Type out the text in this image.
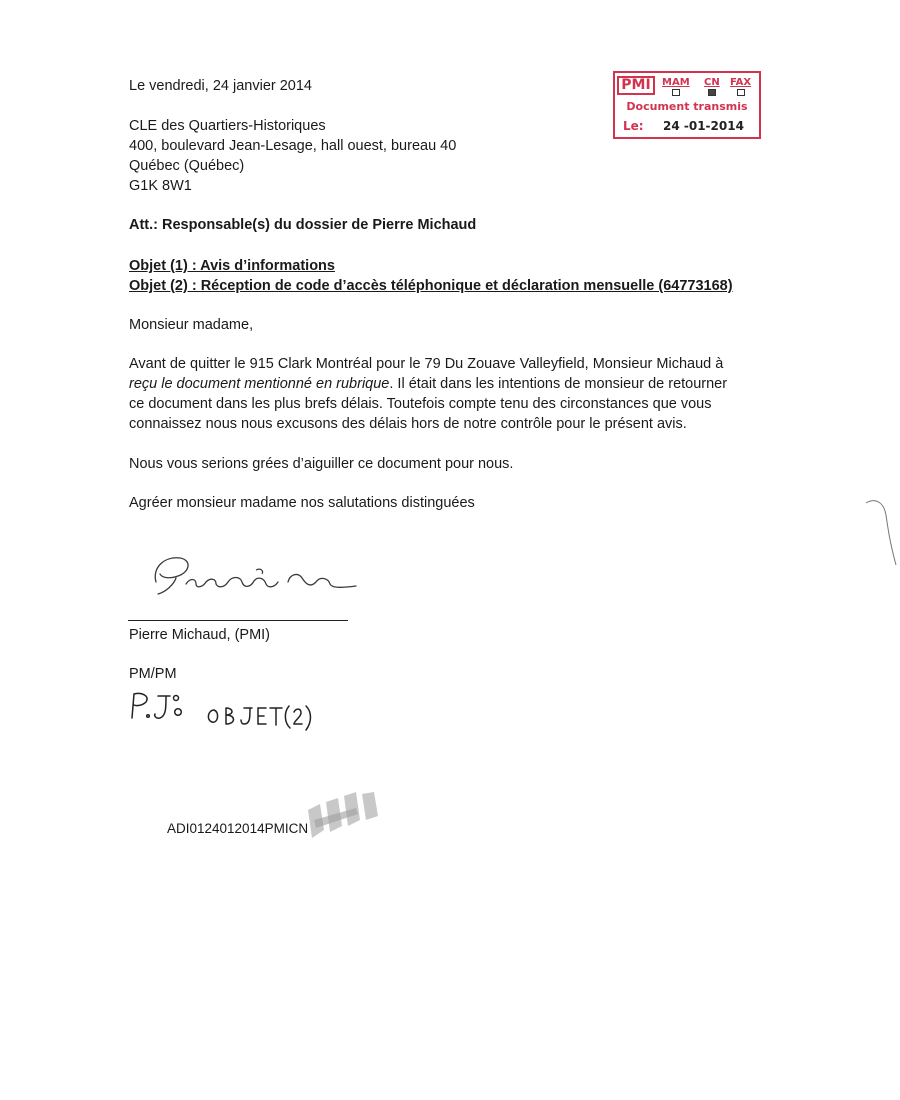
Le vendredi, 24 janvier 2014
CLE des Quartiers-Historiques
400, boulevard Jean-Lesage, hall ouest, bureau 40
Québec (Québec)
G1K 8W1
Att.: Responsable(s) du dossier de Pierre Michaud
Objet (1) : Avis d’informations
Objet (2) : Réception de code d’accès téléphonique et déclaration mensuelle (64773168)
Monsieur madame,
Avant de quitter le 915 Clark Montréal pour le 79 Du Zouave Valleyfield, Monsieur Michaud à
reçu le document mentionné en rubrique. Il était dans les intentions de monsieur de retourner
ce document dans les plus brefs délais. Toutefois compte tenu des circonstances que vous
connaissez nous nous excusons des délais hors de notre contrôle pour le présent avis.
Nous vous serions grées d’aiguiller ce document pour nous.
Agréer monsieur madame nos salutations distinguées
PMI	MAM CN FAX
Document transmis
Le: 24 -01-2014
Pierre Michaud, (PMI)
PM/PM
ADI0124012014PMICN
